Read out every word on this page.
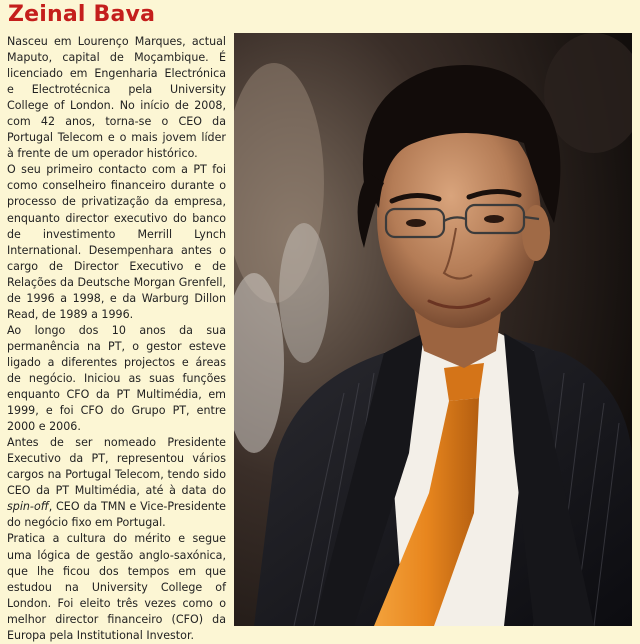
Zeinal Bava

Nasceu em Lourenço Marques, actual Maputo, capital de Moçambique. É licenciado em Engenharia Electrónica e Electrotécnica pela University College of London. No início de 2008, com 42 anos, torna-se o CEO da Portugal Telecom e o mais jovem líder à frente de um operador histórico.

O seu primeiro contacto com a PT foi como conselheiro financeiro durante o processo de privatização da empresa, enquanto director executivo do banco de investimento Merrill Lynch International. Desempenhara antes o cargo de Director Executivo e de Relações da Deutsche Morgan Grenfell, de 1996 a 1998, e da Warburg Dillon Read, de 1989 a 1996.

Ao longo dos 10 anos da sua permanência na PT, o gestor esteve ligado a diferentes projectos e áreas de negócio. Iniciou as suas funções enquanto CFO da PT Multimédia, em 1999, e foi CFO do Grupo PT, entre 2000 e 2006.

Antes de ser nomeado Presidente Executivo da PT, representou vários cargos na Portugal Telecom, tendo sido CEO da PT Multimédia, até à data do spin-off, CEO da TMN e Vice-Presidente do negócio fixo em Portugal.

Pratica a cultura do mérito e segue uma lógica de gestão anglo-saxónica, que lhe ficou dos tempos em que estudou na University College of London. Foi eleito três vezes como o melhor director financeiro (CFO) da Europa pela Institutional Investor.
